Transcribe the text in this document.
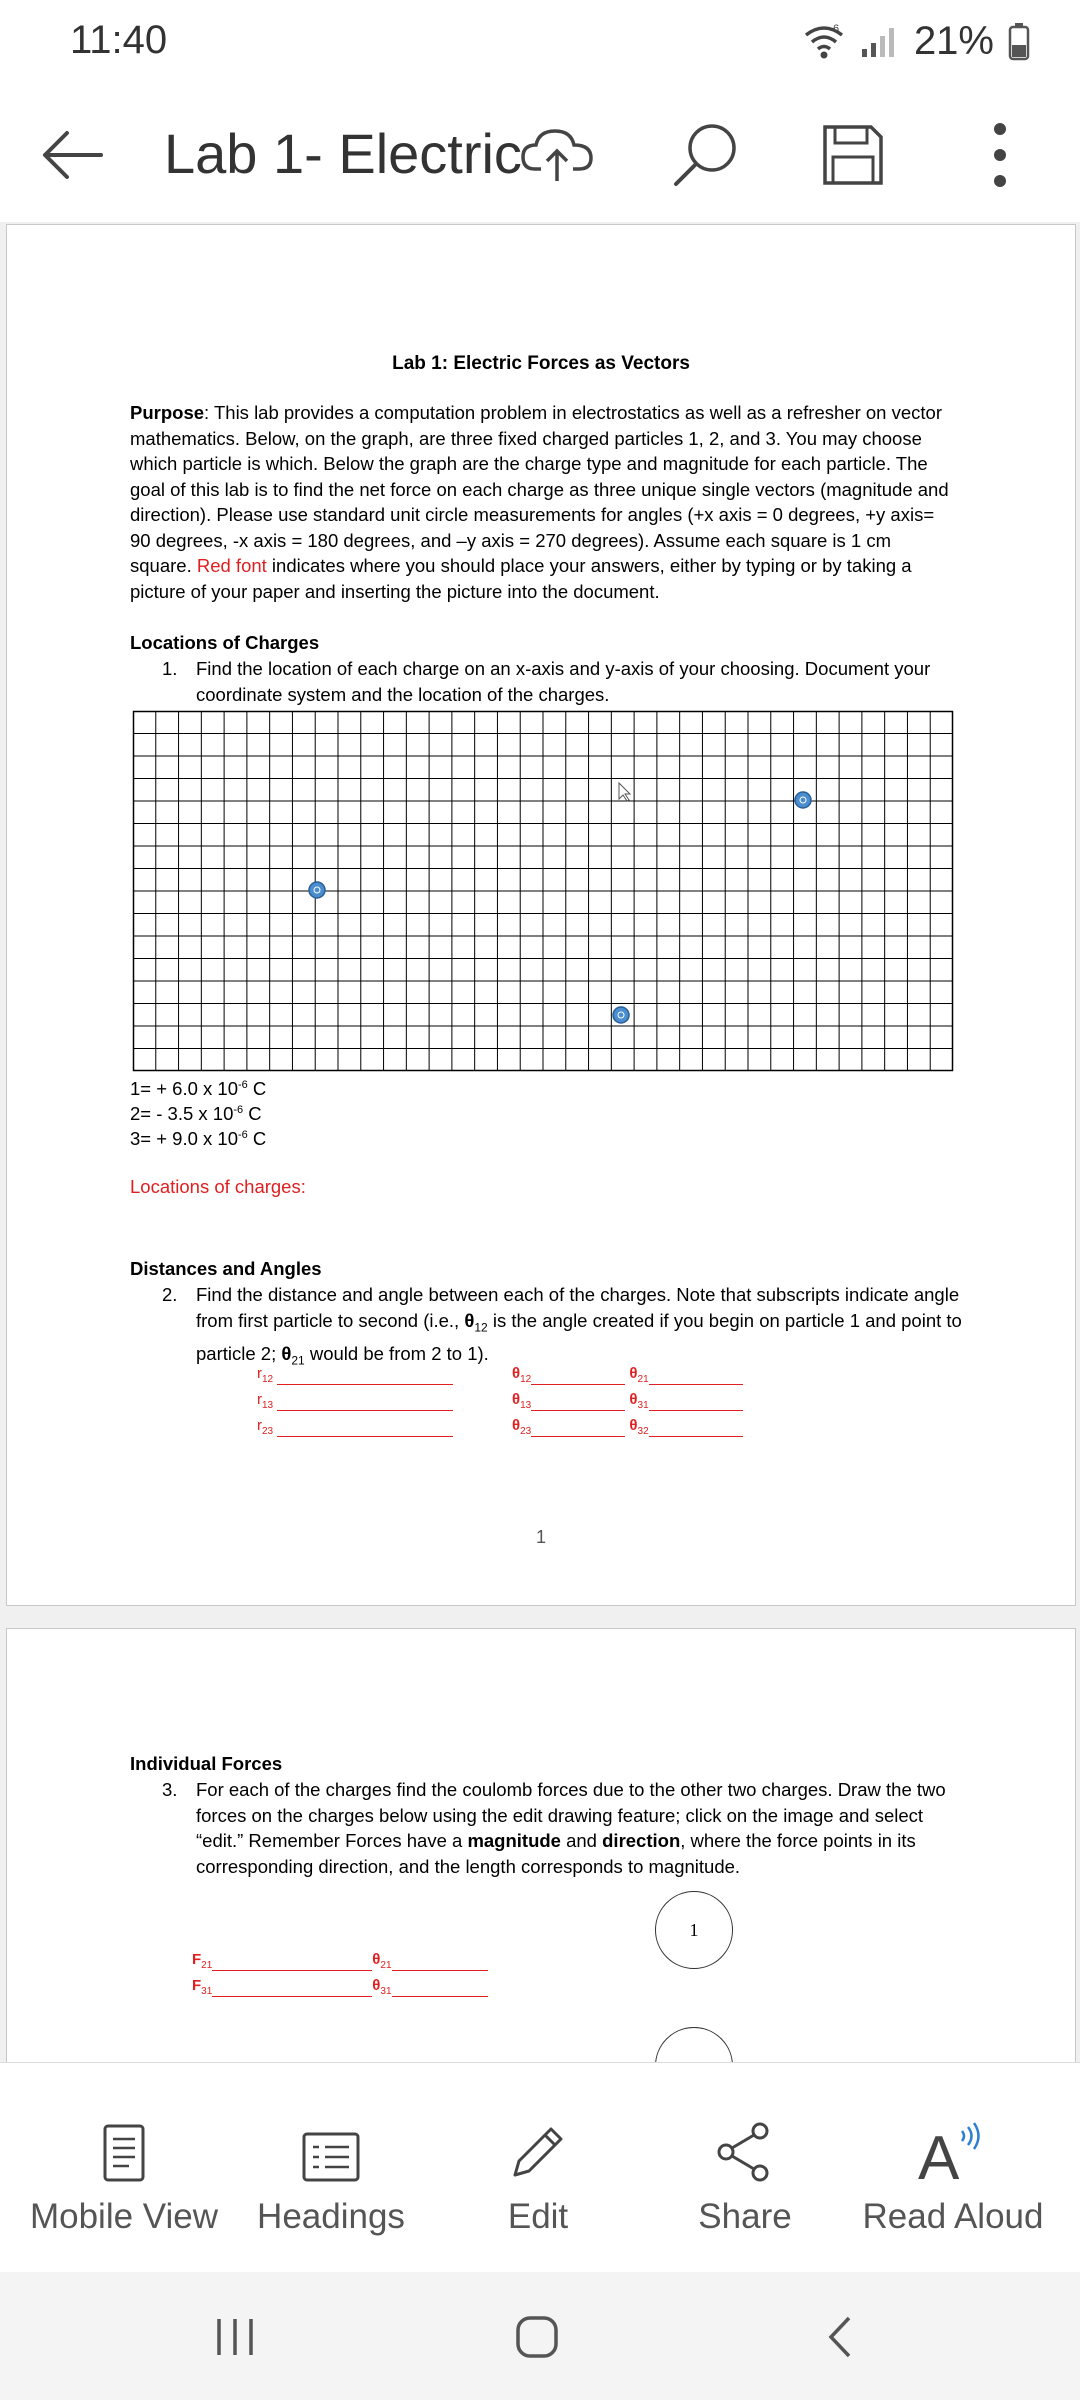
11:40	6 21%
Lab 1- Electric
Lab 1: Electric Forces as Vectors
Purpose: This lab provides a computation problem in electrostatics as well as a refresher on vector mathematics. Below, on the graph, are three fixed charged particles 1, 2, and 3. You may choose which particle is which. Below the graph are the charge type and magnitude for each particle. The goal of this lab is to find the net force on each charge as three unique single vectors (magnitude and direction). Please use standard unit circle measurements for angles (+x axis = 0 degrees, +y axis= 90 degrees, -x axis = 180 degrees, and –y axis = 270 degrees). Assume each square is 1 cm square. Red font indicates where you should place your answers, either by typing or by taking a picture of your paper and inserting the picture into the document.
Locations of Charges
1. Find the location of each charge on an x-axis and y-axis of your choosing. Document your coordinate system and the location of the charges.
1= + 6.0 x $10^{-6}$ C
2= - 3.5 x $10^{-6}$ C
3= + 9.0 x $10^{-6}$ C
Locations of charges:
Distances and Angles
2. Find the distance and angle between each of the charges. Note that subscripts indicate angle from first particle to second (i.e., $\theta_{12}$ is the angle created if you begin on particle 1 and point to particle 2; $\theta_{21}$ would be from 2 to 1).
$r_{12}$	$\theta_{12}$	$\theta_{21}$
$r_{13}$	$\theta_{13}$	$\theta_{31}$
$r_{23}$	$\theta_{23}$	$\theta_{32}$
1
Individual Forces
3. For each of the charges find the coulomb forces due to the other two charges. Draw the two forces on the charges below using the edit drawing feature; click on the image and select “edit.” Remember Forces have a magnitude and direction, where the force points in its corresponding direction, and the length corresponds to magnitude.
1
$F_{21}$	$\theta_{21}$
$F_{31}$	$\theta_{31}$
Mobile View	Headings	Edit	Share
A
Read Aloud
